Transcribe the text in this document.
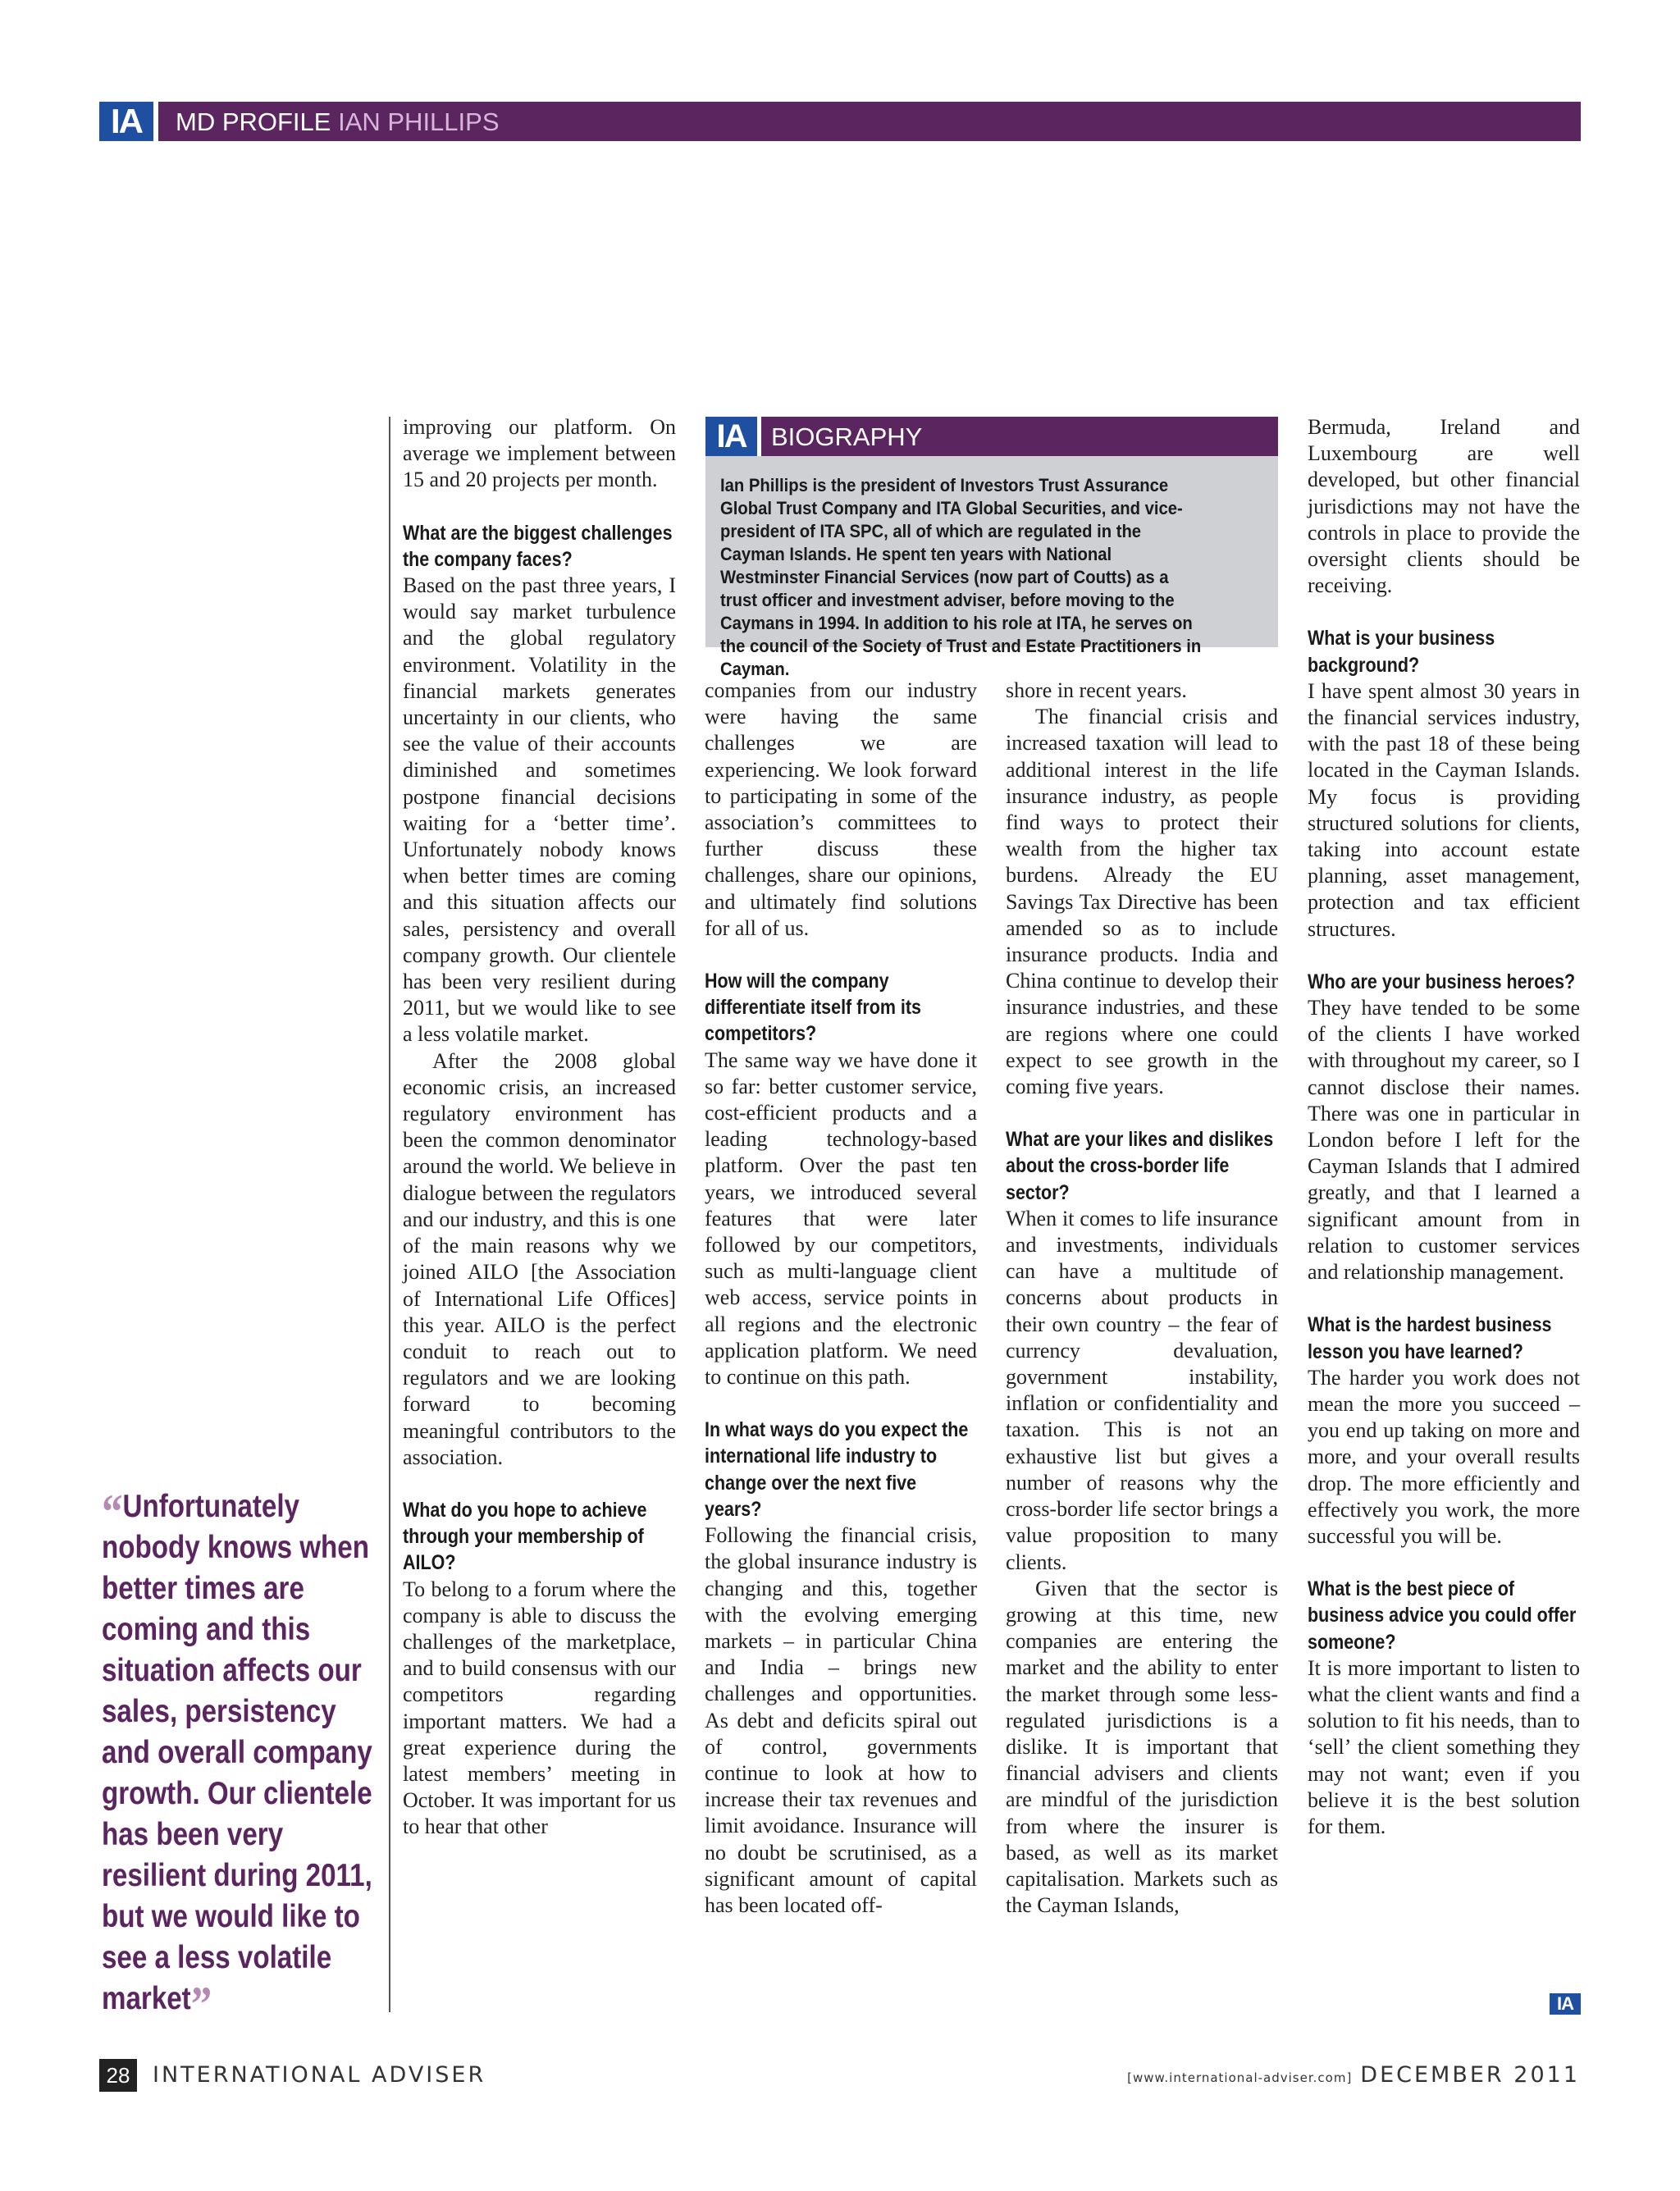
IA	MD PROFILE IAN PHILLIPS
“Unfortunately nobody knows when better times are coming and this situation affects our sales, persistency and overall company growth. Our clientele has been very resilient during 2011, but we would like to see a less volatile market”

improving our platform. On average we implement between 15 and 20 projects per month.

What are the biggest challenges the company faces?

Based on the past three years, I would say market turbulence and the global regulatory environment. Volatility in the financial markets generates uncertainty in our clients, who see the value of their accounts diminished and sometimes postpone financial decisions waiting for a ‘better time’. Unfortunately nobody knows when better times are coming and this situation affects our sales, persistency and overall company growth. Our clientele has been very resilient during 2011, but we would like to see a less volatile market.

After the 2008 global economic crisis, an increased regulatory environment has been the common denominator around the world. We believe in dialogue between the regulators and our industry, and this is one of the main reasons why we joined AILO [the Association of International Life Offices] this year. AILO is the perfect conduit to reach out to regulators and we are looking forward to becoming meaningful contributors to the association.

What do you hope to achieve through your membership of AILO?

To belong to a forum where the company is able to discuss the challenges of the marketplace, and to build consensus with our competitors regarding important matters. We had a great experience during the latest members’ meeting in October. It was important for us to hear that other

IA BIOGRAPHY
Ian Phillips is the president of Investors Trust Assurance Global Trust Company and ITA Global Securities, and vice-president of ITA SPC, all of which are regulated in the Cayman Islands. He spent ten years with National Westminster Financial Services (now part of Coutts) as a trust officer and investment adviser, before moving to the Caymans in 1994. In addition to his role at ITA, he serves on the council of the Society of Trust and Estate Practitioners in Cayman.

companies from our industry were having the same challenges we are experiencing. We look forward to participating in some of the association’s committees to further discuss these challenges, share our opinions, and ultimately find solutions for all of us.

How will the company differentiate itself from its competitors?

The same way we have done it so far: better customer service, cost-efficient products and a leading technology-based platform. Over the past ten years, we introduced several features that were later followed by our competitors, such as multi-language client web access, service points in all regions and the electronic application platform. We need to continue on this path.

In what ways do you expect the international life industry to change over the next five years?

Following the financial crisis, the global insurance industry is changing and this, together with the evolving emerging markets – in particular China and India – brings new challenges and opportunities. As debt and deficits spiral out of control, governments continue to look at how to increase their tax revenues and limit avoidance. Insurance will no doubt be scrutinised, as a significant amount of capital has been located off-

shore in recent years.

The financial crisis and increased taxation will lead to additional interest in the life insurance industry, as people find ways to protect their wealth from the higher tax burdens. Already the EU Savings Tax Directive has been amended so as to include insurance products. India and China continue to develop their insurance industries, and these are regions where one could expect to see growth in the coming five years.

What are your likes and dislikes about the cross-border life sector?

When it comes to life insurance and investments, individuals can have a multitude of concerns about products in their own country – the fear of currency devaluation, government instability, inflation or confidentiality and taxation. This is not an exhaustive list but gives a number of reasons why the cross-border life sector brings a value proposition to many clients.

Given that the sector is growing at this time, new companies are entering the market and the ability to enter the market through some less-regulated jurisdictions is a dislike. It is important that financial advisers and clients are mindful of the jurisdiction from where the insurer is based, as well as its market capitalisation. Markets such as the Cayman Islands,

Bermuda, Ireland and Luxembourg are well developed, but other financial jurisdictions may not have the controls in place to provide the oversight clients should be receiving.

What is your business background?

I have spent almost 30 years in the financial services industry, with the past 18 of these being located in the Cayman Islands. My focus is providing structured solutions for clients, taking into account estate planning, asset management, protection and tax efficient structures.

Who are your business heroes?

They have tended to be some of the clients I have worked with throughout my career, so I cannot disclose their names. There was one in particular in London before I left for the Cayman Islands that I admired greatly, and that I learned a significant amount from in relation to customer services and relationship management.

What is the hardest business lesson you have learned?

The harder you work does not mean the more you succeed – you end up taking on more and more, and your overall results drop. The more efficiently and effectively you work, the more successful you will be.

What is the best piece of business advice you could offer someone?

It is more important to listen to what the client wants and find a solution to fit his needs, than to ‘sell’ the client something they may not want; even if you believe it is the best solution for them.

IA
28	INTERNATIONAL ADVISER	[www.international-adviser.com] DECEMBER 2011
